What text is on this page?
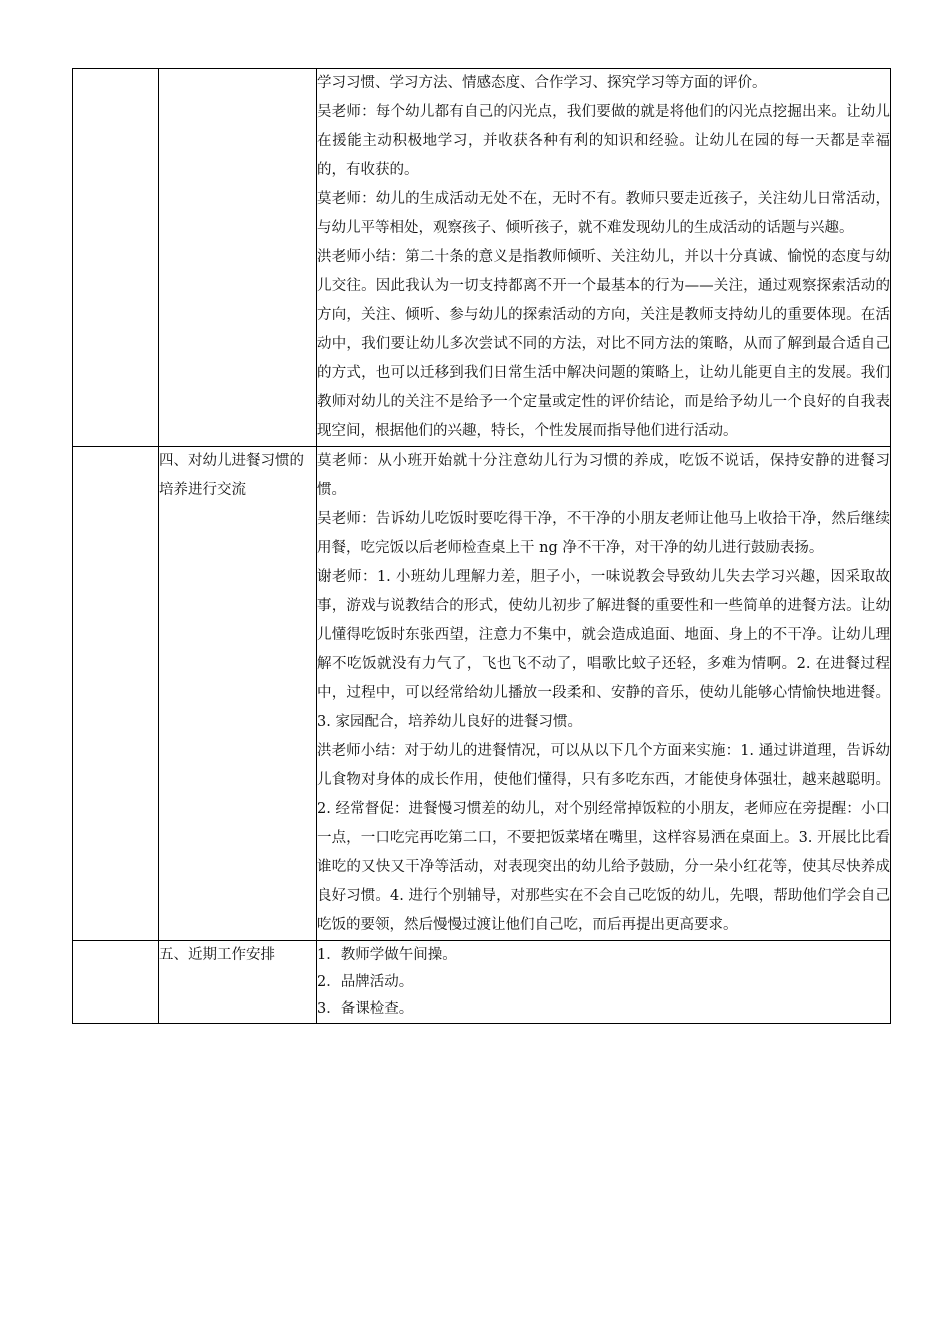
		学习习惯、学习方法、情感态度、合作学习、探究学习等方面的评价。

吴老师：每个幼儿都有自己的闪光点，我们要做的就是将他们的闪光点挖掘出来。让幼儿在援能主动积极地学习，并收获各种有利的知识和经验。让幼儿在园的每一天都是幸福的，有收获的。

莫老师：幼儿的生成活动无处不在，无时不有。教师只要走近孩子，关注幼儿日常活动，与幼儿平等相处，观察孩子、倾听孩子，就不难发现幼儿的生成活动的话题与兴趣。

洪老师小结：第二十条的意义是指教师倾听、关注幼儿，并以十分真诚、愉悦的态度与幼儿交往。因此我认为一切支持都离不开一个最基本的行为——关注，通过观察探索活动的方向，关注、倾听、参与幼儿的探索活动的方向，关注是教师支持幼儿的重要体现。在活动中，我们要让幼儿多次尝试不同的方法，对比不同方法的策略，从而了解到最合适自己的方式，也可以迁移到我们日常生活中解决问题的策略上，让幼儿能更自主的发展。我们教师对幼儿的关注不是给予一个定量或定性的评价结论，而是给予幼儿一个良好的自我表现空间，根据他们的兴趣，特长，个性发展而指导他们进行活动。

	四、对幼儿进餐习惯的培养进行交流	莫老师：从小班开始就十分注意幼儿行为习惯的养成，吃饭不说话，保持安静的进餐习惯。

吴老师：告诉幼儿吃饭时要吃得干净，不干净的小朋友老师让他马上收拾干净，然后继续用餐，吃完饭以后老师检查桌上干 ng 净不干净，对干净的幼儿进行鼓励表扬。

谢老师：1. 小班幼儿理解力差，胆子小，一味说教会导致幼儿失去学习兴趣，因采取故事，游戏与说教结合的形式，使幼儿初步了解进餐的重要性和一些简单的进餐方法。让幼儿懂得吃饭时东张西望，注意力不集中，就会造成追面、地面、身上的不干净。让幼儿理解不吃饭就没有力气了，飞也飞不动了，唱歌比蚊子还轻，多难为情啊。2. 在进餐过程中，过程中，可以经常给幼儿播放一段柔和、安静的音乐，使幼儿能够心情愉快地进餐。3. 家园配合，培养幼儿良好的进餐习惯。

洪老师小结：对于幼儿的进餐情况，可以从以下几个方面来实施：1. 通过讲道理，告诉幼儿食物对身体的成长作用，使他们懂得，只有多吃东西，才能使身体强壮，越来越聪明。2. 经常督促：进餐慢习惯差的幼儿，对个别经常掉饭粒的小朋友，老师应在旁提醒：小口一点，一口吃完再吃第二口，不要把饭菜堵在嘴里，这样容易洒在桌面上。3. 开展比比看谁吃的又快又干净等活动，对表现突出的幼儿给予鼓励，分一朵小红花等，使其尽快养成良好习惯。4. 进行个别辅导，对那些实在不会自己吃饭的幼儿，先喂，帮助他们学会自己吃饭的要领，然后慢慢过渡让他们自己吃，而后再提出更高要求。

	五、近期工作安排	1．教师学做午间操。

2．品牌活动。

3．备课检查。
